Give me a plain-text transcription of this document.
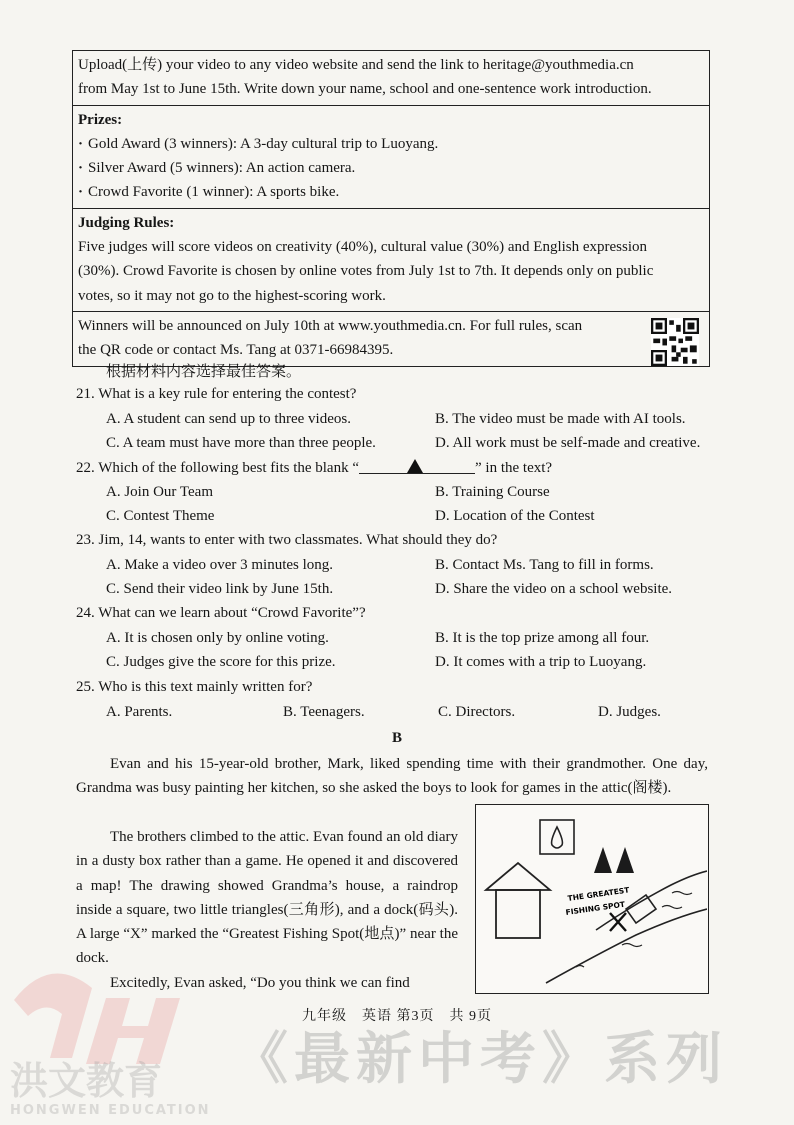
Upload(上传) your video to any video website and send the link to heritage@youthmedia.cn
from May 1st to June 15th. Write down your name, school and one-sentence work introduction.
Prizes:
· Gold Award (3 winners): A 3-day cultural trip to Luoyang.
· Silver Award (5 winners): An action camera.
· Crowd Favorite (1 winner): A sports bike.
Judging Rules:
Five judges will score videos on creativity (40%), cultural value (30%) and English expression
(30%). Crowd Favorite is chosen by online votes from July 1st to 7th. It depends only on public
votes, so it may not go to the highest-scoring work.
Winners will be announced on July 10th at www.youthmedia.cn. For full rules, scan
the QR code or contact Ms. Tang at 0371-66984395.
根据材料内容选择最佳答案。
21. What is a key rule for entering the contest?
A. A student can send up to three videos.	B. The video must be made with AI tools.
C. A team must have more than three people.	D. All work must be self-made and creative.
22. Which of the following best fits the blank “	” in the text?
A. Join Our Team	B. Training Course
C. Contest Theme	D. Location of the Contest
23. Jim, 14, wants to enter with two classmates. What should they do?
A. Make a video over 3 minutes long.	B. Contact Ms. Tang to fill in forms.
C. Send their video link by June 15th.	D. Share the video on a school website.
24. What can we learn about “Crowd Favorite”?
A. It is chosen only by online voting.	B. It is the top prize among all four.
C. Judges give the score for this prize.	D. It comes with a trip to Luoyang.
25. Who is this text mainly written for?
A. Parents.	B. Teenagers.	C. Directors.	D. Judges.
B
Evan and his 15-year-old brother, Mark, liked spending time with their grandmother. One day, Grandma was busy painting her kitchen, so she asked the boys to look for games in the attic(阁楼).
The brothers climbed to the attic. Evan found an old diary in a dusty box rather than a game. He opened it and discovered a map! The drawing showed Grandma’s house, a raindrop inside a square, two little triangles(三角形), and a dock(码头). A large “X” marked the “Greatest Fishing Spot(地点)” near the dock.
Excitedly, Evan asked, “Do you think we can find
THE GREATEST
FISHING SPOT
九年级　英语 第3页　共 9页
洪文教育
HONGWEN EDUCATION
《最新中考》系列
